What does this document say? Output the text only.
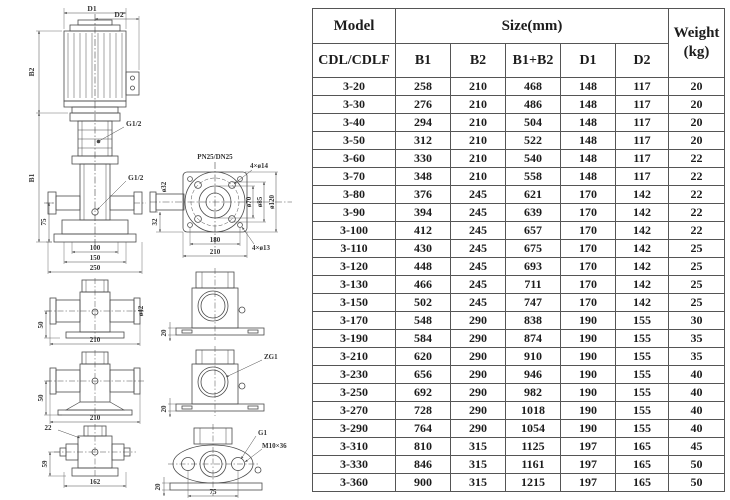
D1
D2
B2
B1
G1/2
G1/2
75
100
150
250
PN25/DN25
4×ø14
4×ø13
ø32
32
ø70 ø85 ø120
180
210
50
ø42
210
50
210
22
59
162
20
ZG1
20
G1
M10×36
75
20
Model	Size(mm)					Weight
(kg)

CDL/CDLF	B1	B2	B1+B2	D1	D2	
3-20	258	210	468	148	117	20
3-30	276	210	486	148	117	20
3-40	294	210	504	148	117	20
3-50	312	210	522	148	117	20
3-60	330	210	540	148	117	22
3-70	348	210	558	148	117	22
3-80	376	245	621	170	142	22
3-90	394	245	639	170	142	22
3-100	412	245	657	170	142	22
3-110	430	245	675	170	142	25
3-120	448	245	693	170	142	25
3-130	466	245	711	170	142	25
3-150	502	245	747	170	142	25
3-170	548	290	838	190	155	30
3-190	584	290	874	190	155	35
3-210	620	290	910	190	155	35
3-230	656	290	946	190	155	40
3-250	692	290	982	190	155	40
3-270	728	290	1018	190	155	40
3-290	764	290	1054	190	155	40
3-310	810	315	1125	197	165	45
3-330	846	315	1161	197	165	50
3-360	900	315	1215	197	165	50
